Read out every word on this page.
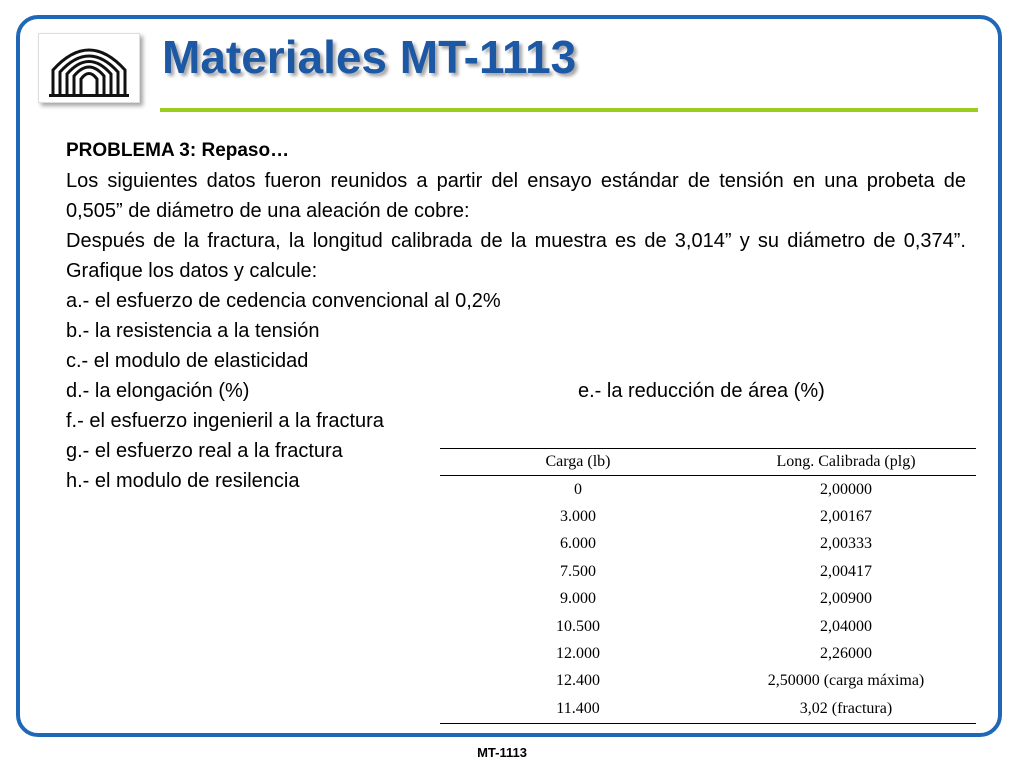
Materiales MT-1113
PROBLEMA 3: Repaso…
Los siguientes datos fueron reunidos a partir del ensayo estándar de tensión en una probeta de 0,505” de diámetro de una aleación de cobre:
Después de la fractura, la longitud calibrada de la muestra es de 3,014” y su diámetro de 0,374”. Grafique los datos y calcule:
a.- el esfuerzo de cedencia convencional al 0,2%
b.- la resistencia a la tensión
c.- el modulo de elasticidad
d.- la elongación (%)	e.- la reducción de área (%)
f.- el esfuerzo ingenieril a la fractura
g.- el esfuerzo real a la fractura
h.- el modulo de resilencia
Carga (lb)	Long. Calibrada (plg)
0	2,00000
3.000	2,00167
6.000	2,00333
7.500	2,00417
9.000	2,00900
10.500	2,04000
12.000	2,26000
12.400	2,50000 (carga máxima)
11.400	3,02 (fractura)
MT-1113
